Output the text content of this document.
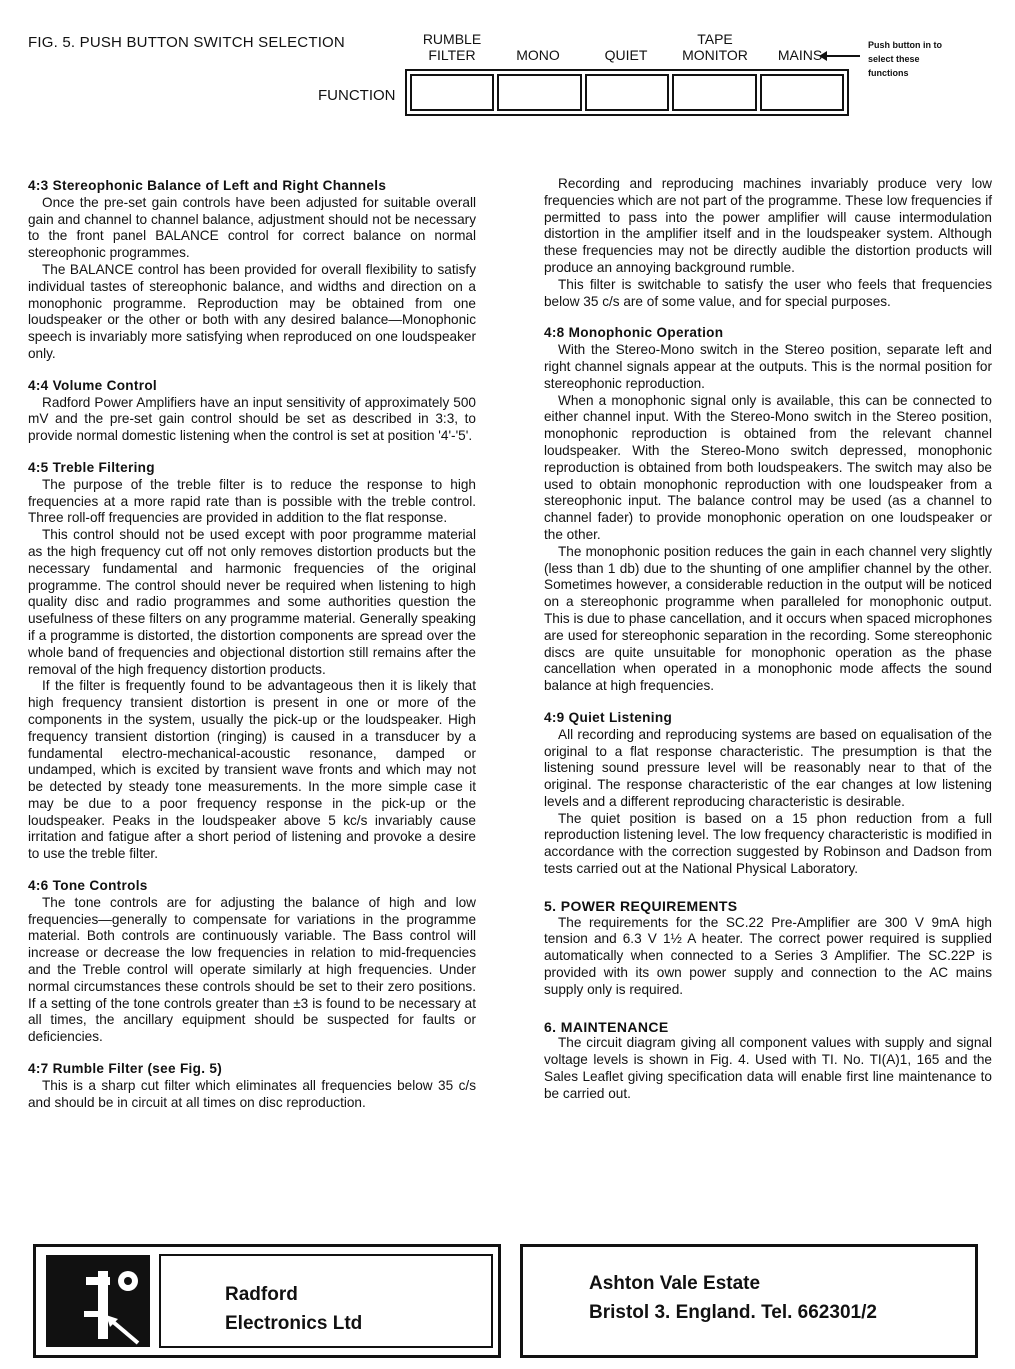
FIG. 5. PUSH BUTTON SWITCH SELECTION	RUMBLE
FILTER	MONO	QUIET
TAPE
MONITOR	MAINS
Push button in to select these functions
FUNCTION
4:3 Stereophonic Balance of Left and Right Channels

Once the pre-set gain controls have been adjusted for suitable overall gain and channel to channel balance, adjustment should not be necessary to the front panel BALANCE control for correct balance on normal stereophonic programmes.

The BALANCE control has been provided for overall flexibility to satisfy individual tastes of stereophonic balance, and widths and direction on a monophonic programme. Reproduction may be obtained from one loudspeaker or the other or both with any desired balance—Monophonic speech is invariably more satisfying when reproduced on one loudspeaker only.

4:4 Volume Control

Radford Power Amplifiers have an input sensitivity of approximately 500 mV and the pre-set gain control should be set as described in 3:3, to provide normal domestic listening when the control is set at position '4'-'5'.

4:5 Treble Filtering

The purpose of the treble filter is to reduce the response to high frequencies at a more rapid rate than is possible with the treble control. Three roll-off frequencies are provided in addition to the flat response.

This control should not be used except with poor programme material as the high frequency cut off not only removes distortion products but the necessary fundamental and harmonic frequencies of the original programme. The control should never be required when listening to high quality disc and radio programmes and some authorities question the usefulness of these filters on any programme material. Generally speaking if a programme is distorted, the distortion components are spread over the whole band of frequencies and objectional distortion still remains after the removal of the high frequency distortion products.

If the filter is frequently found to be advantageous then it is likely that high frequency transient distortion is present in one or more of the components in the system, usually the pick-up or the loudspeaker. High frequency transient distortion (ringing) is caused in a transducer by a fundamental electro-mechanical-acoustic resonance, damped or undamped, which is excited by transient wave fronts and which may not be detected by steady tone measurements. In the more simple case it may be due to a poor frequency response in the pick-up or the loudspeaker. Peaks in the loudspeaker above 5 kc/s invariably cause irritation and fatigue after a short period of listening and provoke a desire to use the treble filter.

4:6 Tone Controls

The tone controls are for adjusting the balance of high and low frequencies—generally to compensate for variations in the programme material. Both controls are continuously variable. The Bass control will increase or decrease the low frequencies in relation to mid-frequencies and the Treble control will operate similarly at high frequencies. Under normal circumstances these controls should be set to their zero positions. If a setting of the tone controls greater than ±3 is found to be necessary at all times, the ancillary equipment should be suspected for faults or deficiencies.

4:7 Rumble Filter (see Fig. 5)

This is a sharp cut filter which eliminates all frequencies below 35 c/s and should be in circuit at all times on disc reproduction.

Recording and reproducing machines invariably produce very low frequencies which are not part of the programme. These low frequencies if permitted to pass into the power amplifier will cause intermodulation distortion in the amplifier itself and in the loudspeaker system. Although these frequencies may not be directly audible the distortion products will produce an annoying background rumble.

This filter is switchable to satisfy the user who feels that frequencies below 35 c/s are of some value, and for special purposes.

4:8 Monophonic Operation

With the Stereo-Mono switch in the Stereo position, separate left and right channel signals appear at the outputs. This is the normal position for stereophonic reproduction.

When a monophonic signal only is available, this can be connected to either channel input. With the Stereo-Mono switch in the Stereo position, monophonic reproduction is obtained from the relevant channel loudspeaker. With the Stereo-Mono switch depressed, monophonic reproduction is obtained from both loudspeakers. The switch may also be used to obtain monophonic reproduction with one loudspeaker from a stereophonic input. The balance control may be used (as a channel to channel fader) to provide monophonic operation on one loudspeaker or the other.

The monophonic position reduces the gain in each channel very slightly (less than 1 db) due to the shunting of one amplifier channel by the other. Sometimes however, a considerable reduction in the output will be noticed on a stereophonic programme when paralleled for monophonic output. This is due to phase cancellation, and it occurs when spaced microphones are used for stereophonic separation in the recording. Some stereophonic discs are quite unsuitable for monophonic operation as the phase cancellation when operated in a monophonic mode affects the sound balance at high frequencies.

4:9 Quiet Listening

All recording and reproducing systems are based on equalisation of the original to a flat response characteristic. The presumption is that the listening sound pressure level will be reasonably near to that of the original. The response characteristic of the ear changes at low listening levels and a different reproducing characteristic is desirable.

The quiet position is based on a 15 phon reduction from a full reproduction listening level. The low frequency characteristic is modified in accordance with the correction suggested by Robinson and Dadson from tests carried out at the National Physical Laboratory.

5. POWER REQUIREMENTS

The requirements for the SC.22 Pre-Amplifier are 300 V 9mA high tension and 6.3 V 1½ A heater. The correct power required is supplied automatically when connected to a Series 3 Amplifier. The SC.22P is provided with its own power supply and connection to the AC mains supply only is required.

6. MAINTENANCE

The circuit diagram giving all component values with supply and signal voltage levels is shown in Fig. 4. Used with TI. No. TI(A)1, 165 and the Sales Leaflet giving specification data will enable first line maintenance to be carried out.

Radford
Electronics Ltd
Ashton Vale Estate
Bristol 3. England. Tel. 662301/2
